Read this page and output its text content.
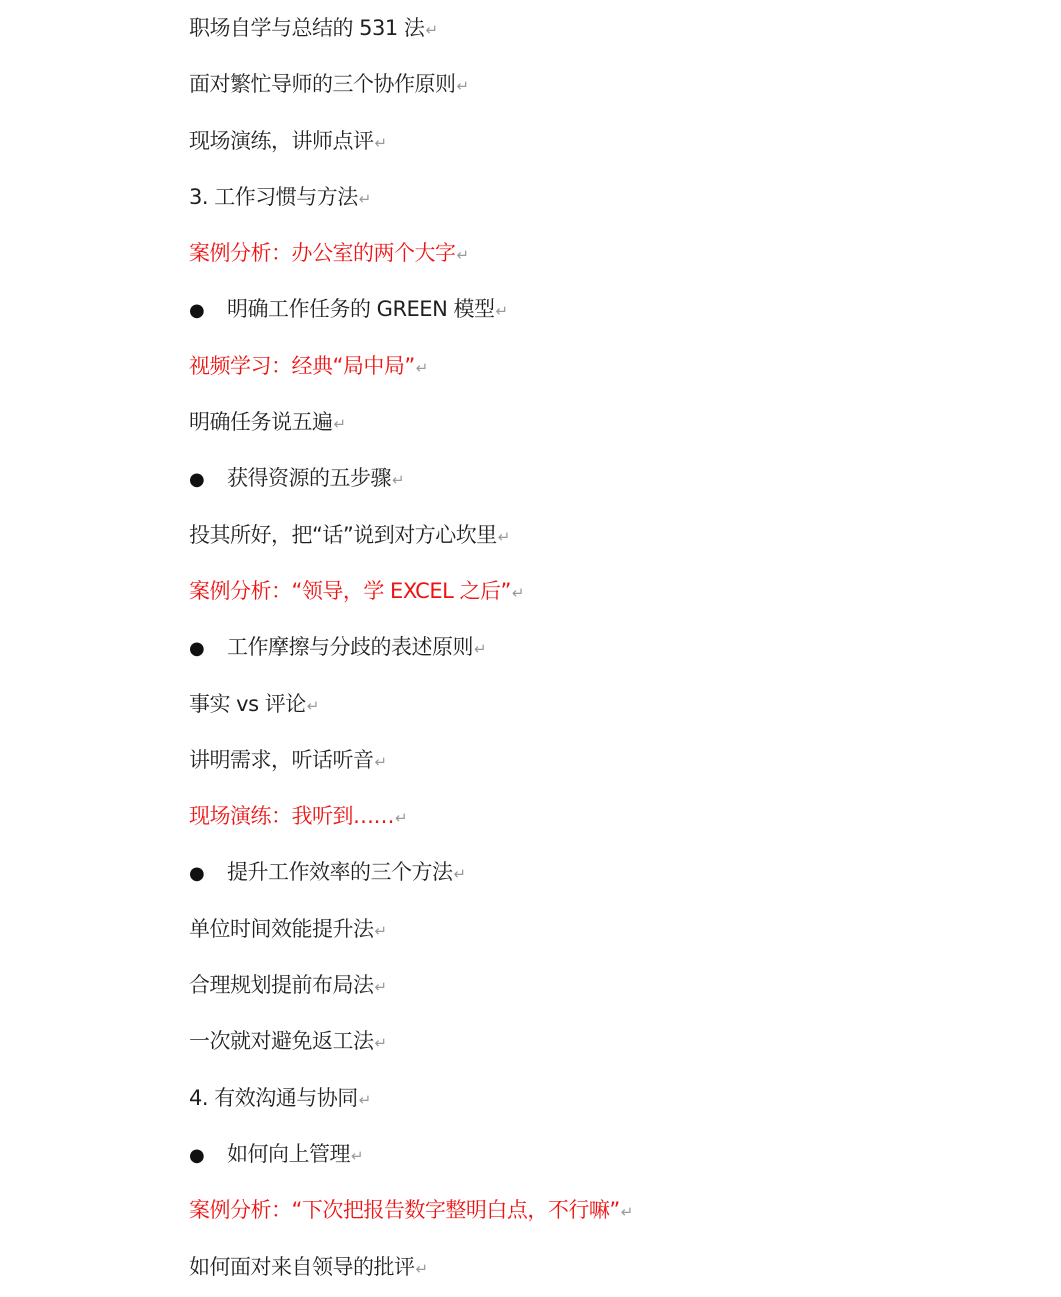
职场自学与总结的 531 法↵
面对繁忙导师的三个协作原则↵
现场演练，讲师点评↵
3. 工作习惯与方法↵
案例分析：办公室的两个大字↵
● 明确工作任务的 GREEN 模型↵
视频学习：经典“局中局”↵
明确任务说五遍↵
● 获得资源的五步骤↵
投其所好，把“话”说到对方心坎里↵
案例分析：“领导，学 EXCEL 之后”↵
● 工作摩擦与分歧的表述原则↵
事实 vs 评论↵
讲明需求，听话听音↵
现场演练：我听到……↵
● 提升工作效率的三个方法↵
单位时间效能提升法↵
合理规划提前布局法↵
一次就对避免返工法↵
4. 有效沟通与协同↵
● 如何向上管理↵
案例分析：“下次把报告数字整明白点，不行嘛”↵
如何面对来自领导的批评↵
